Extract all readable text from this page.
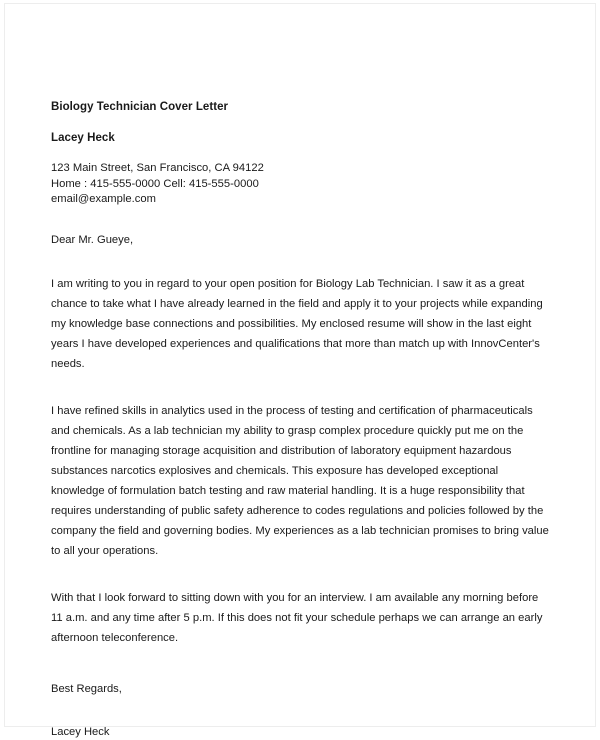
Biology Technician Cover Letter

Lacey Heck

123 Main Street, San Francisco, CA 94122

Home : 415-555-0000 Cell: 415-555-0000

email@example.com

Dear Mr. Gueye,

I am writing to you in regard to your open position for Biology Lab Technician. I saw it as a great chance to take what I have already learned in the field and apply it to your projects while expanding my knowledge base connections and possibilities. My enclosed resume will show in the last eight years I have developed experiences and qualifications that more than match up with InnovCenter's needs.

I have refined skills in analytics used in the process of testing and certification of pharmaceuticals and chemicals. As a lab technician my ability to grasp complex procedure quickly put me on the frontline for managing storage acquisition and distribution of laboratory equipment hazardous substances narcotics explosives and chemicals. This exposure has developed exceptional knowledge of formulation batch testing and raw material handling. It is a huge responsibility that requires understanding of public safety adherence to codes regulations and policies followed by the company the field and governing bodies. My experiences as a lab technician promises to bring value to all your operations.

With that I look forward to sitting down with you for an interview. I am available any morning before 11 a.m. and any time after 5 p.m. If this does not fit your schedule perhaps we can arrange an early afternoon teleconference.

Best Regards,

Lacey Heck
